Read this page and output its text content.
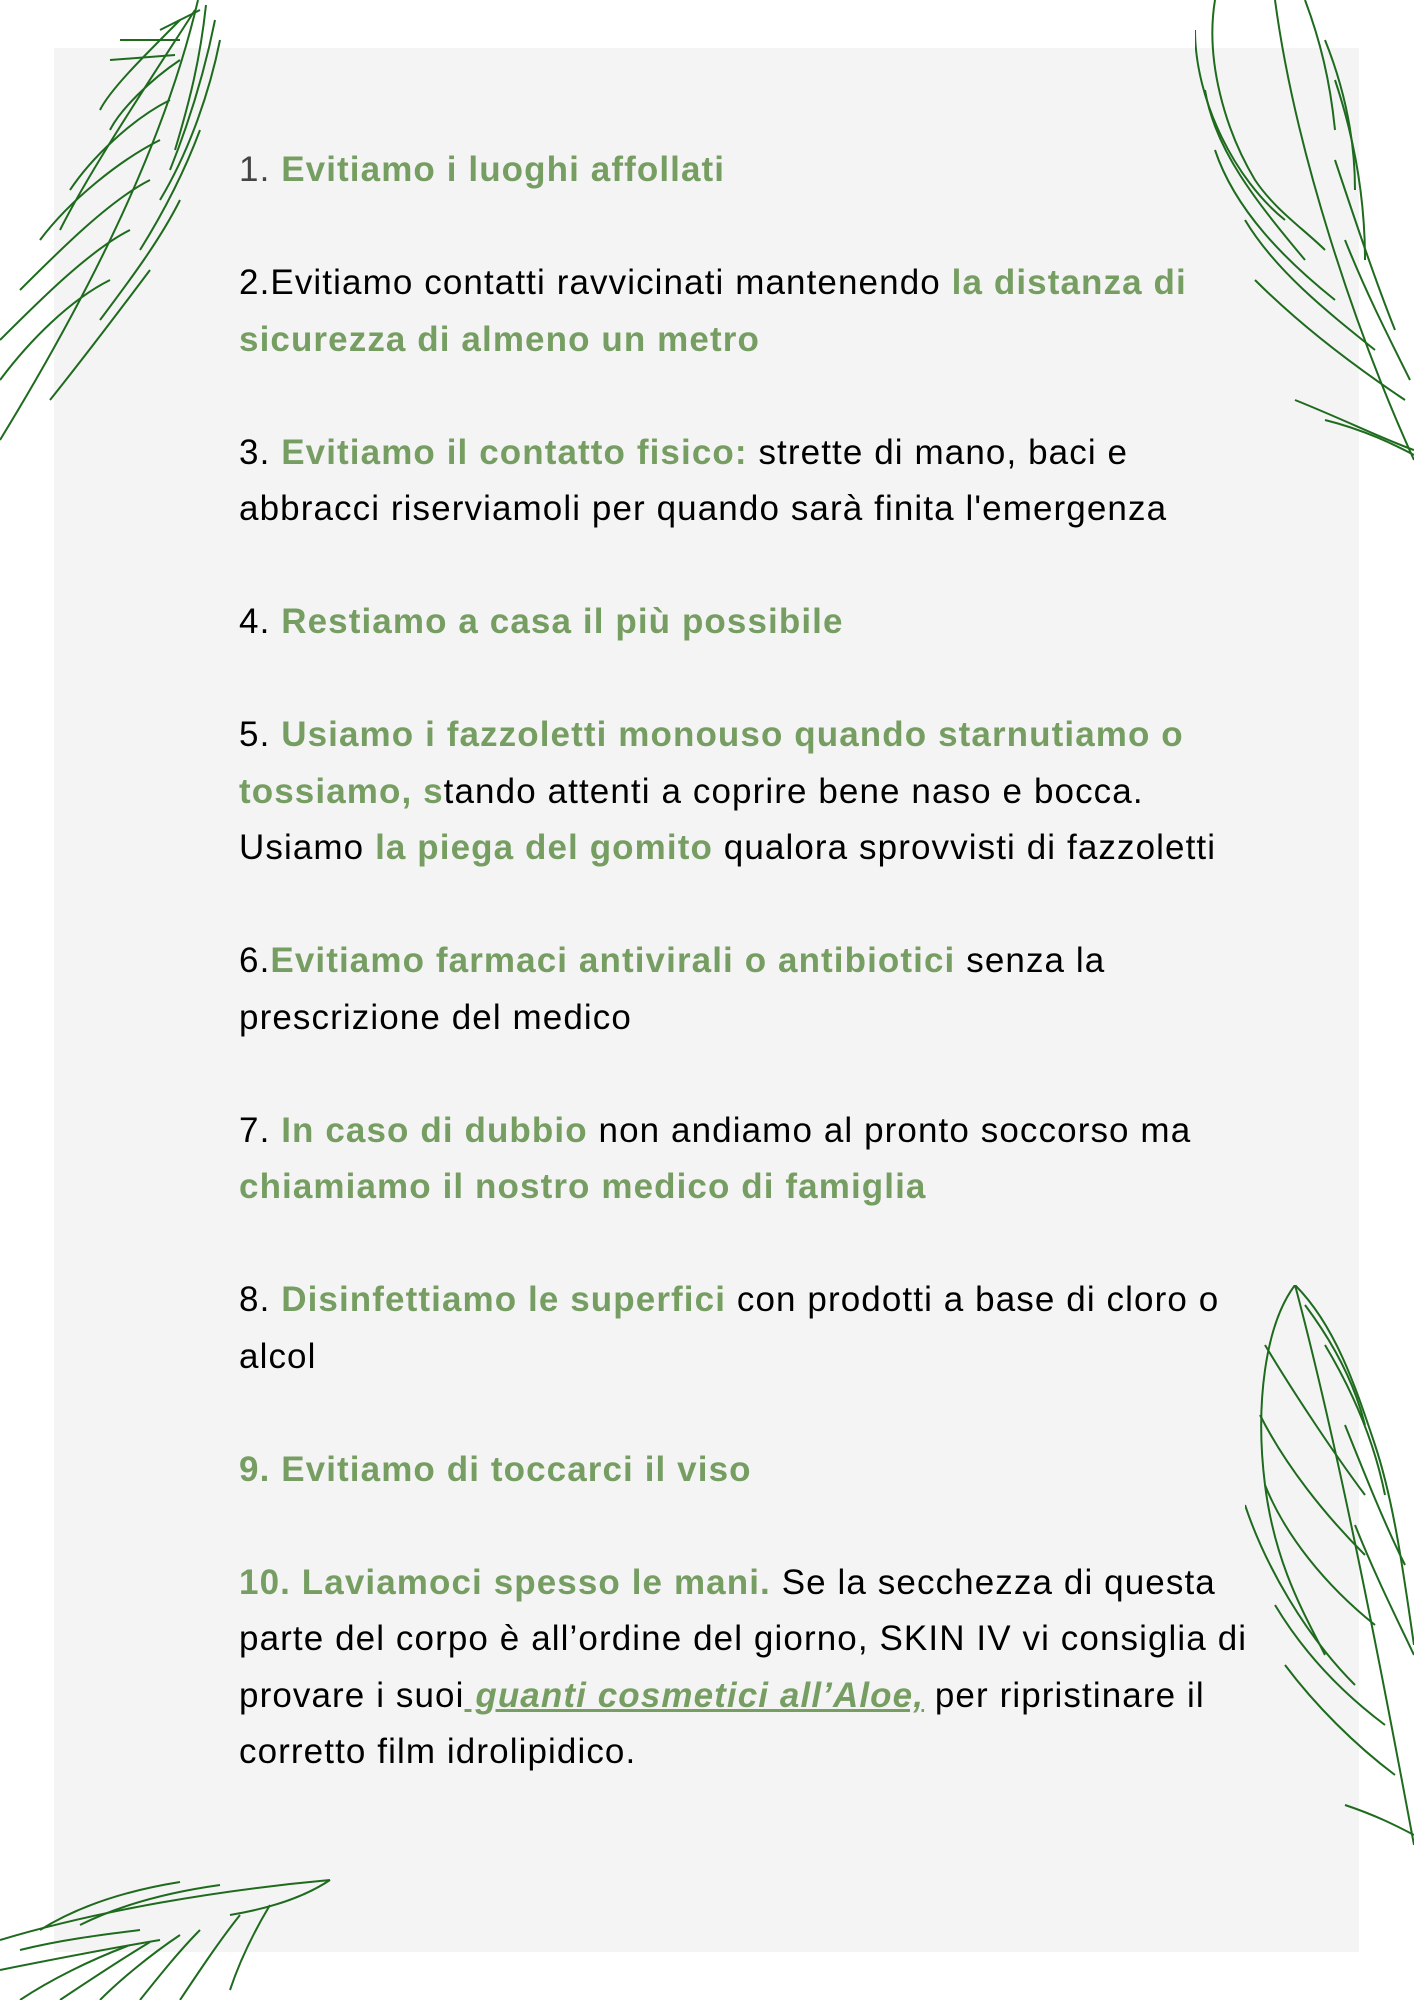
1. Evitiamo i luoghi affollati
2.Evitiamo contatti ravvicinati mantenendo la distanza di sicurezza di almeno un metro
3. Evitiamo il contatto fisico: strette di mano, baci e abbracci riserviamoli per quando sarà finita l'emergenza
4. Restiamo a casa il più possibile
5. Usiamo i fazzoletti monouso quando starnutiamo o tossiamo, stando attenti a coprire bene naso e bocca. Usiamo la piega del gomito qualora sprovvisti di fazzoletti
6.Evitiamo farmaci antivirali o antibiotici senza la prescrizione del medico
7. In caso di dubbio non andiamo al pronto soccorso ma chiamiamo il nostro medico di famiglia
8. Disinfettiamo le superfici con prodotti a base di cloro o alcol
9. Evitiamo di toccarci il viso
10. Laviamoci spesso le mani. Se la secchezza di questa parte del corpo è all’ordine del giorno, SKIN IV vi consiglia di provare i suoi guanti cosmetici all’Aloe, per ripristinare il corretto film idrolipidico.
